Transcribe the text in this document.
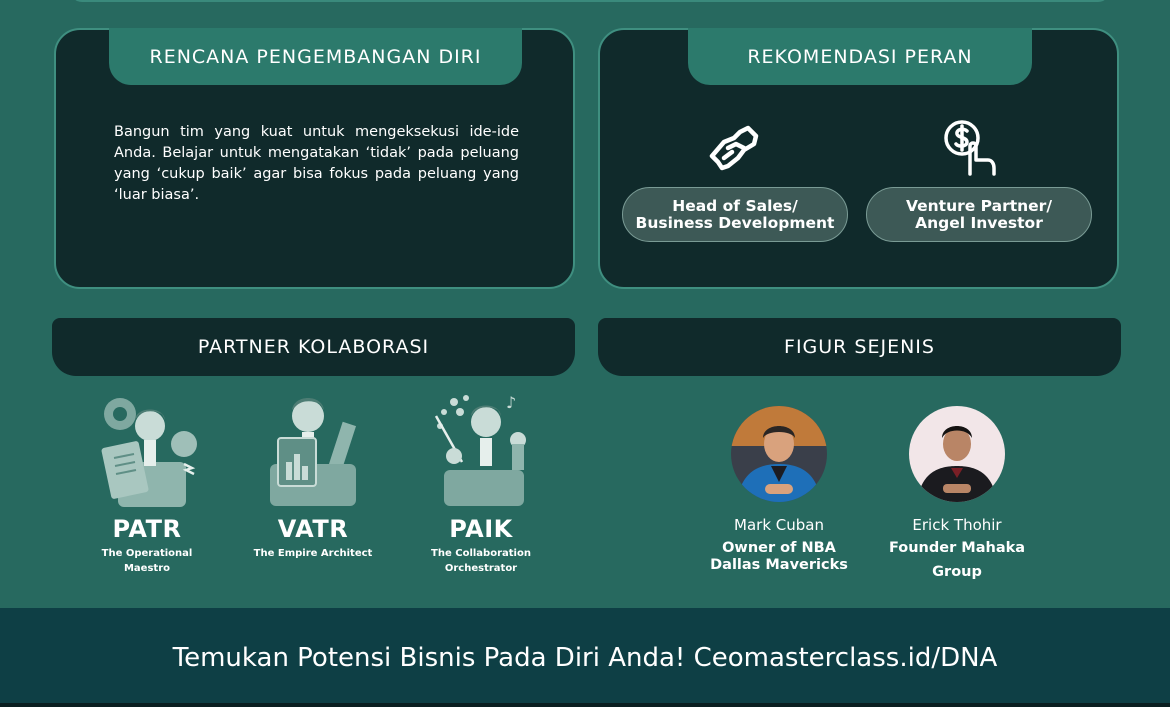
RENCANA PENGEMBANGAN DIRI

Bangun tim yang kuat untuk mengeksekusi ide-ide Anda. Belajar untuk mengatakan ‘tidak’ pada peluang yang ‘cukup baik’ agar bisa fokus pada peluang yang ‘luar biasa’.

REKOMENDASI PERAN
Head of Sales/
Business Development
Venture Partner/
Angel Investor
PARTNER KOLABORASI	FIGUR SEJENIS
PATR
The Operational
Maestro
VATR
The Empire Architect
♪
PAIK
The Collaboration
Orchestrator
Mark Cuban
Owner of NBA
Dallas Mavericks
Erick Thohir
Founder Mahaka
Group
Temukan Potensi Bisnis Pada Diri Anda! Ceomasterclass.id/DNA
